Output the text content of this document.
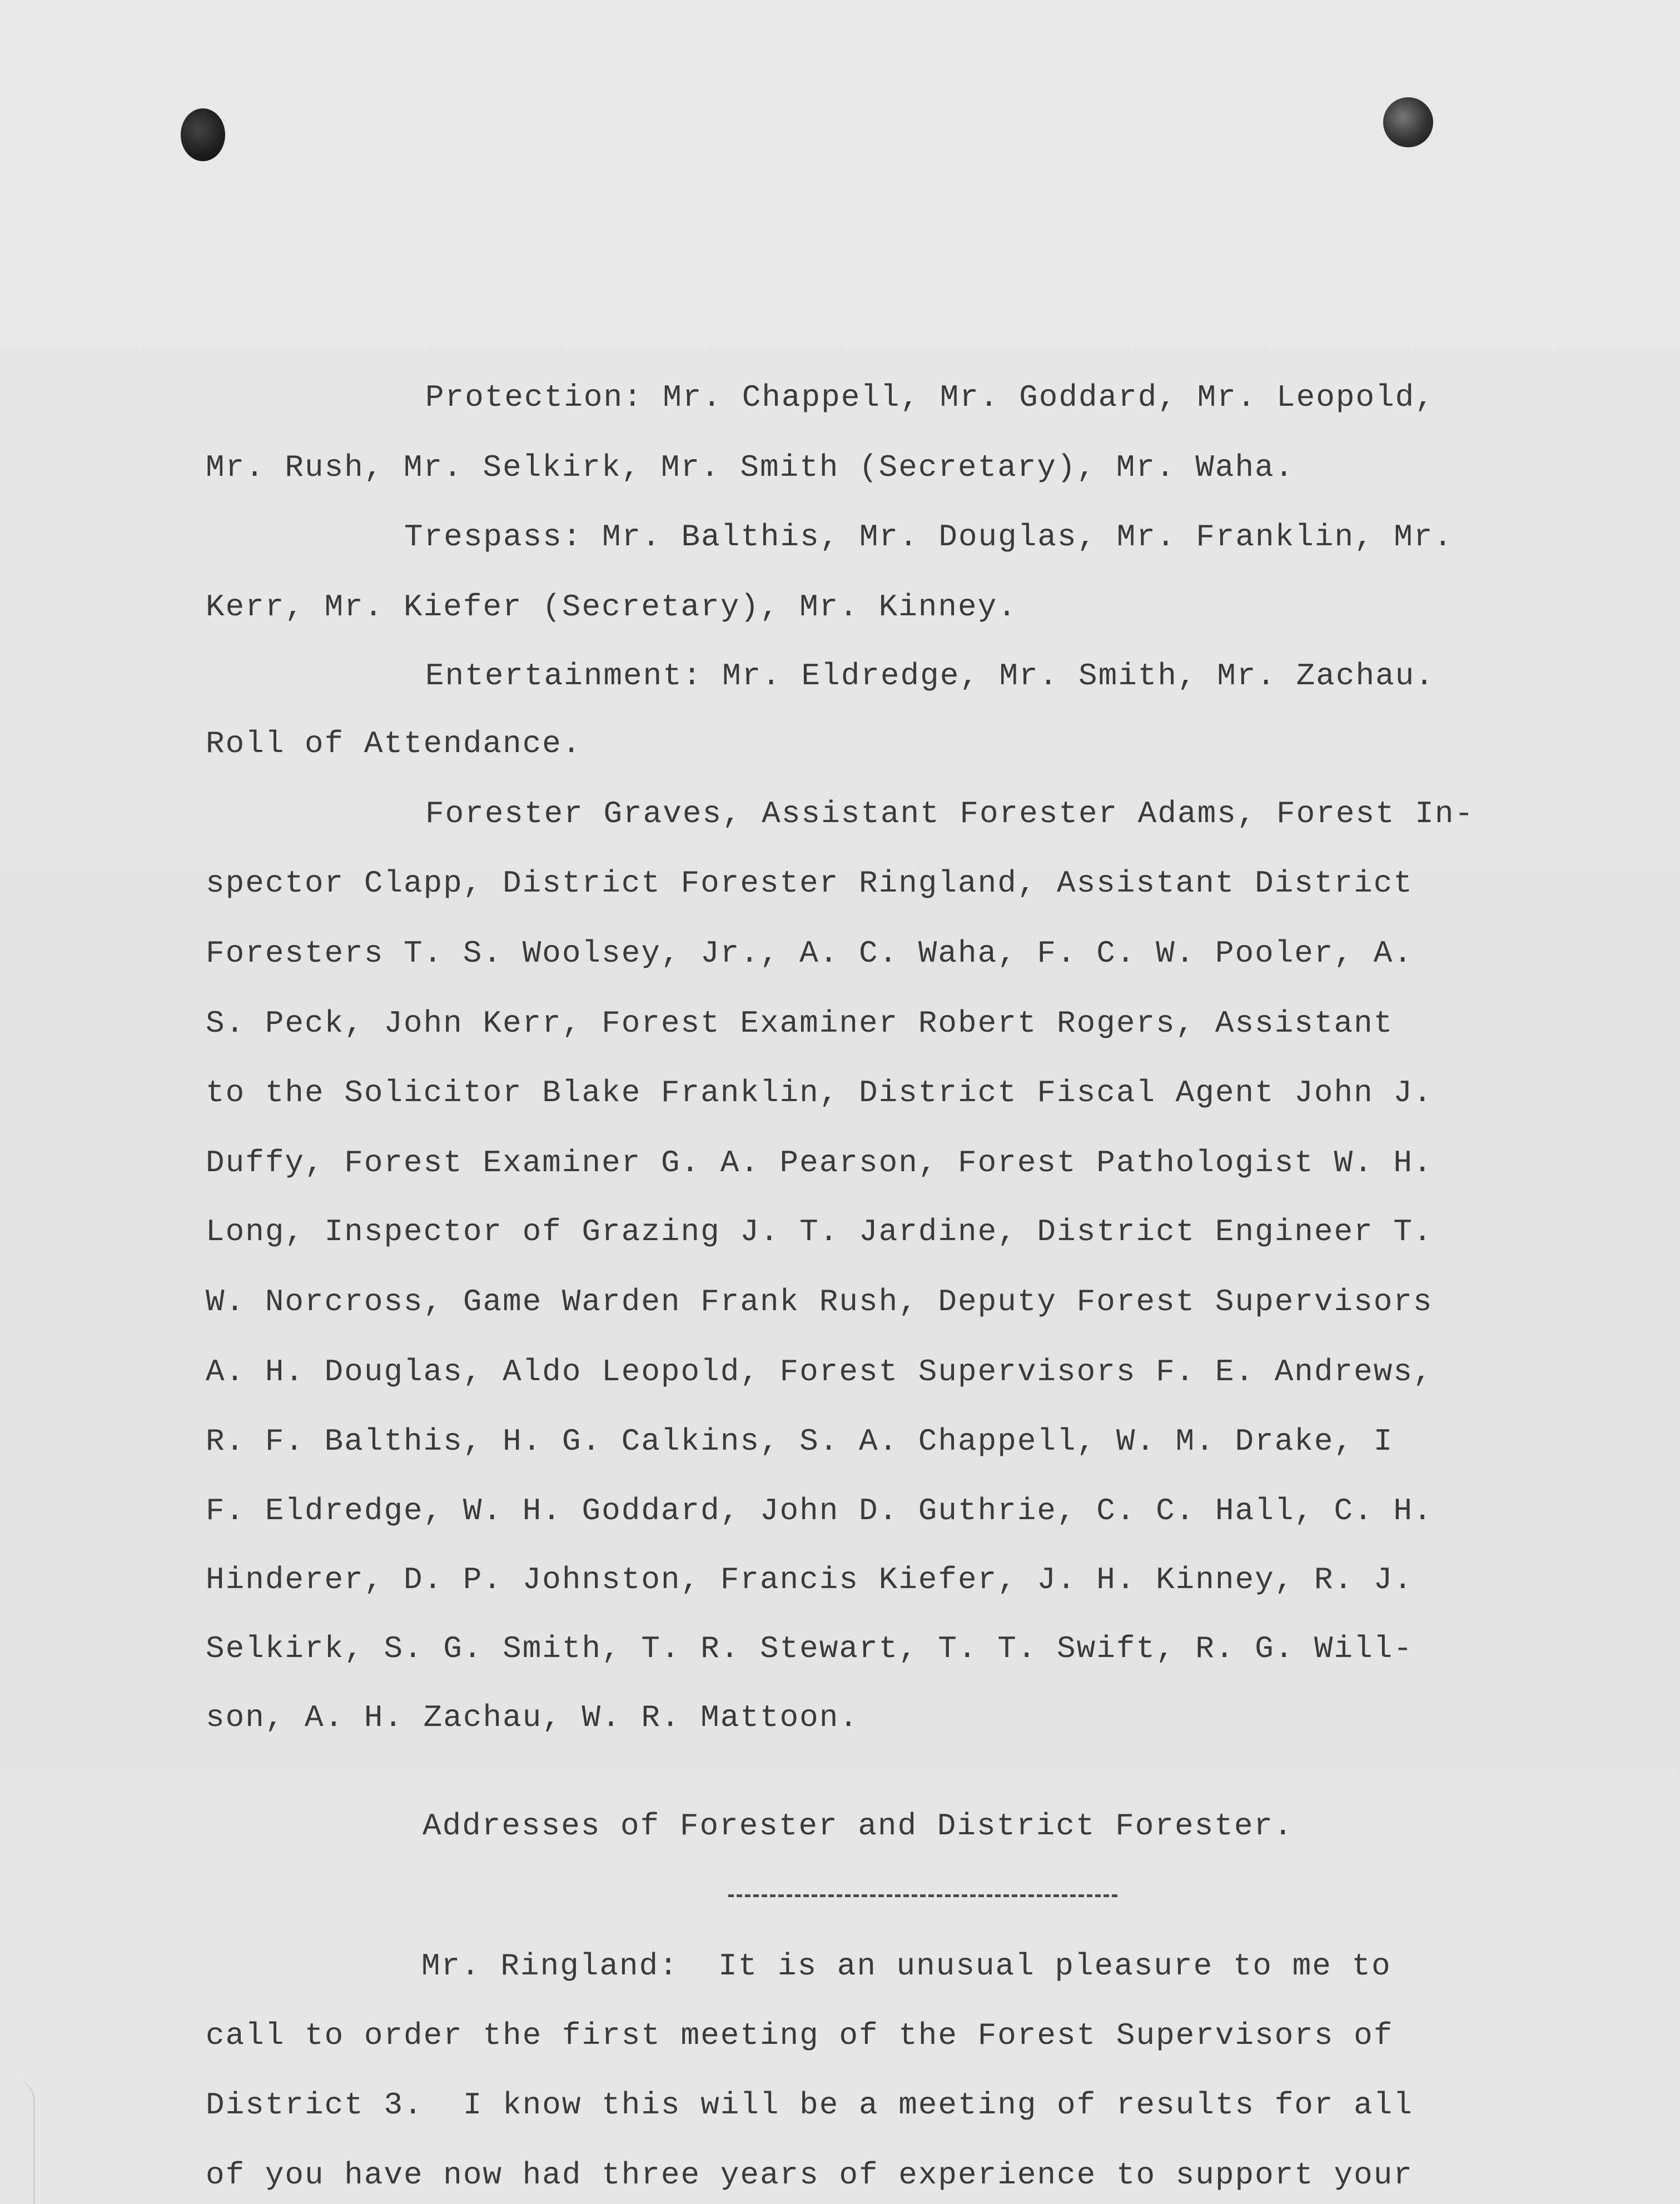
Protection: Mr. Chappell, Mr. Goddard, Mr. Leopold,
Mr. Rush, Mr. Selkirk, Mr. Smith (Secretary), Mr. Waha.
Trespass: Mr. Balthis, Mr. Douglas, Mr. Franklin, Mr.
Kerr, Mr. Kiefer (Secretary), Mr. Kinney.
Entertainment: Mr. Eldredge, Mr. Smith, Mr. Zachau.
Roll of Attendance.
Forester Graves, Assistant Forester Adams, Forest In-
spector Clapp, District Forester Ringland, Assistant District
Foresters T. S. Woolsey, Jr., A. C. Waha, F. C. W. Pooler, A.
S. Peck, John Kerr, Forest Examiner Robert Rogers, Assistant
to the Solicitor Blake Franklin, District Fiscal Agent John J.
Duffy, Forest Examiner G. A. Pearson, Forest Pathologist W. H.
Long, Inspector of Grazing J. T. Jardine, District Engineer T.
W. Norcross, Game Warden Frank Rush, Deputy Forest Supervisors
A. H. Douglas, Aldo Leopold, Forest Supervisors F. E. Andrews,
R. F. Balthis, H. G. Calkins, S. A. Chappell, W. M. Drake, I
F. Eldredge, W. H. Goddard, John D. Guthrie, C. C. Hall, C. H.
Hinderer, D. P. Johnston, Francis Kiefer, J. H. Kinney, R. J.
Selkirk, S. G. Smith, T. R. Stewart, T. T. Swift, R. G. Will-
son, A. H. Zachau, W. R. Mattoon.
Addresses of Forester and District Forester.
Mr. Ringland:  It is an unusual pleasure to me to
call to order the first meeting of the Forest Supervisors of
District 3.  I know this will be a meeting of results for all
of you have now had three years of experience to support your
